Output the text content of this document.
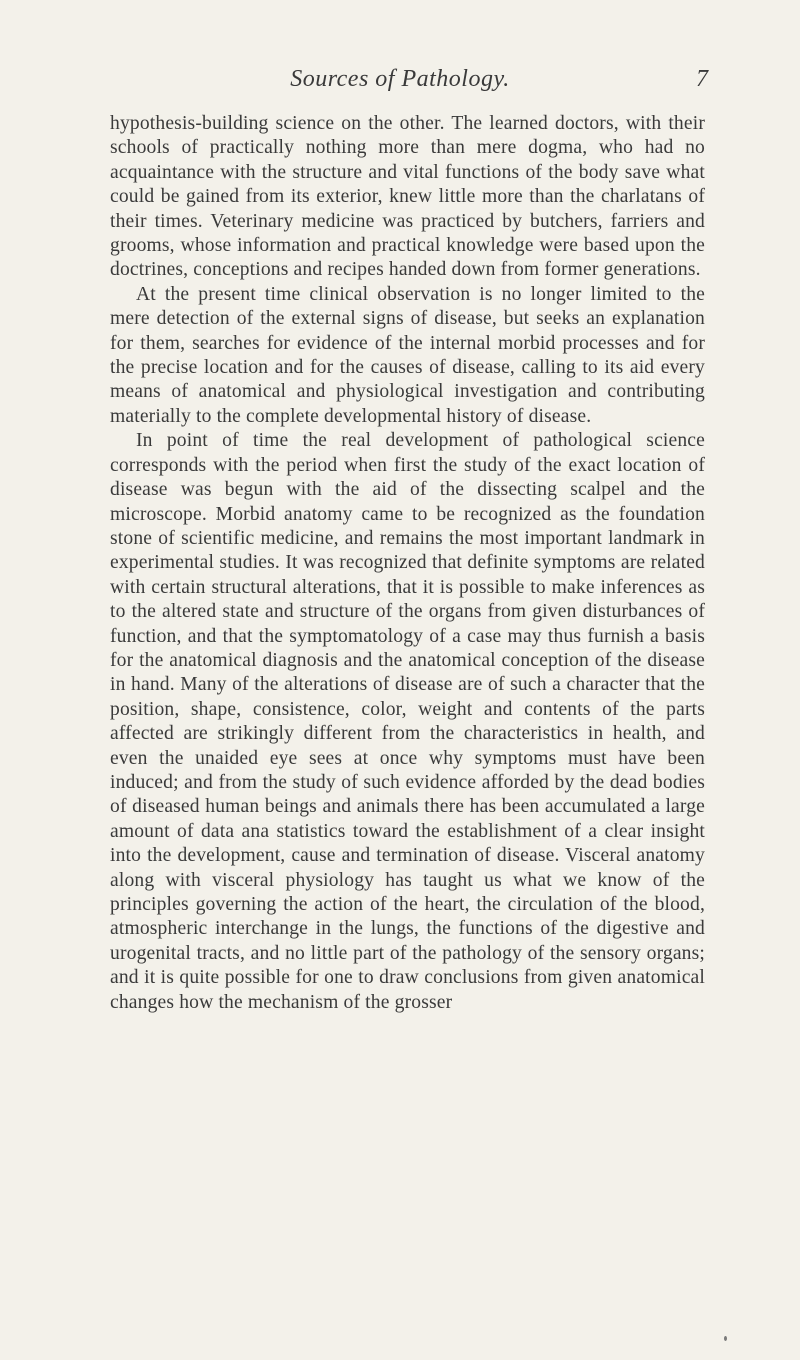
Sources of Pathology.	7

hypothesis-building science on the other. The learned doctors, with their schools of practically nothing more than mere dogma, who had no acquaintance with the structure and vital functions of the body save what could be gained from its exterior, knew little more than the charlatans of their times. Veterinary medicine was practiced by butchers, farriers and grooms, whose information and practical knowledge were based upon the doctrines, conceptions and recipes handed down from former generations.

At the present time clinical observation is no longer limited to the mere detection of the external signs of disease, but seeks an explanation for them, searches for evidence of the internal morbid processes and for the precise location and for the causes of disease, calling to its aid every means of anatomical and physiological investigation and contributing materially to the complete developmental history of disease.

In point of time the real development of pathological science corresponds with the period when first the study of the exact location of disease was begun with the aid of the dissecting scalpel and the microscope. Morbid anatomy came to be recognized as the foundation stone of scientific medicine, and remains the most important landmark in experimental studies. It was recognized that definite symptoms are related with certain structural alterations, that it is possible to make inferences as to the altered state and structure of the organs from given disturbances of function, and that the symptomatology of a case may thus furnish a basis for the anatomical diagnosis and the anatomical conception of the disease in hand. Many of the alterations of disease are of such a character that the position, shape, consistence, color, weight and contents of the parts affected are strikingly different from the characteristics in health, and even the unaided eye sees at once why symptoms must have been induced; and from the study of such evidence afforded by the dead bodies of diseased human beings and animals there has been accumulated a large amount of data ana statistics toward the establishment of a clear insight into the development, cause and termination of disease. Visceral anatomy along with visceral physiology has taught us what we know of the principles governing the action of the heart, the circulation of the blood, atmospheric interchange in the lungs, the functions of the digestive and urogenital tracts, and no little part of the pathology of the sensory organs; and it is quite possible for one to draw conclusions from given anatomical changes how the mechanism of the grosser
